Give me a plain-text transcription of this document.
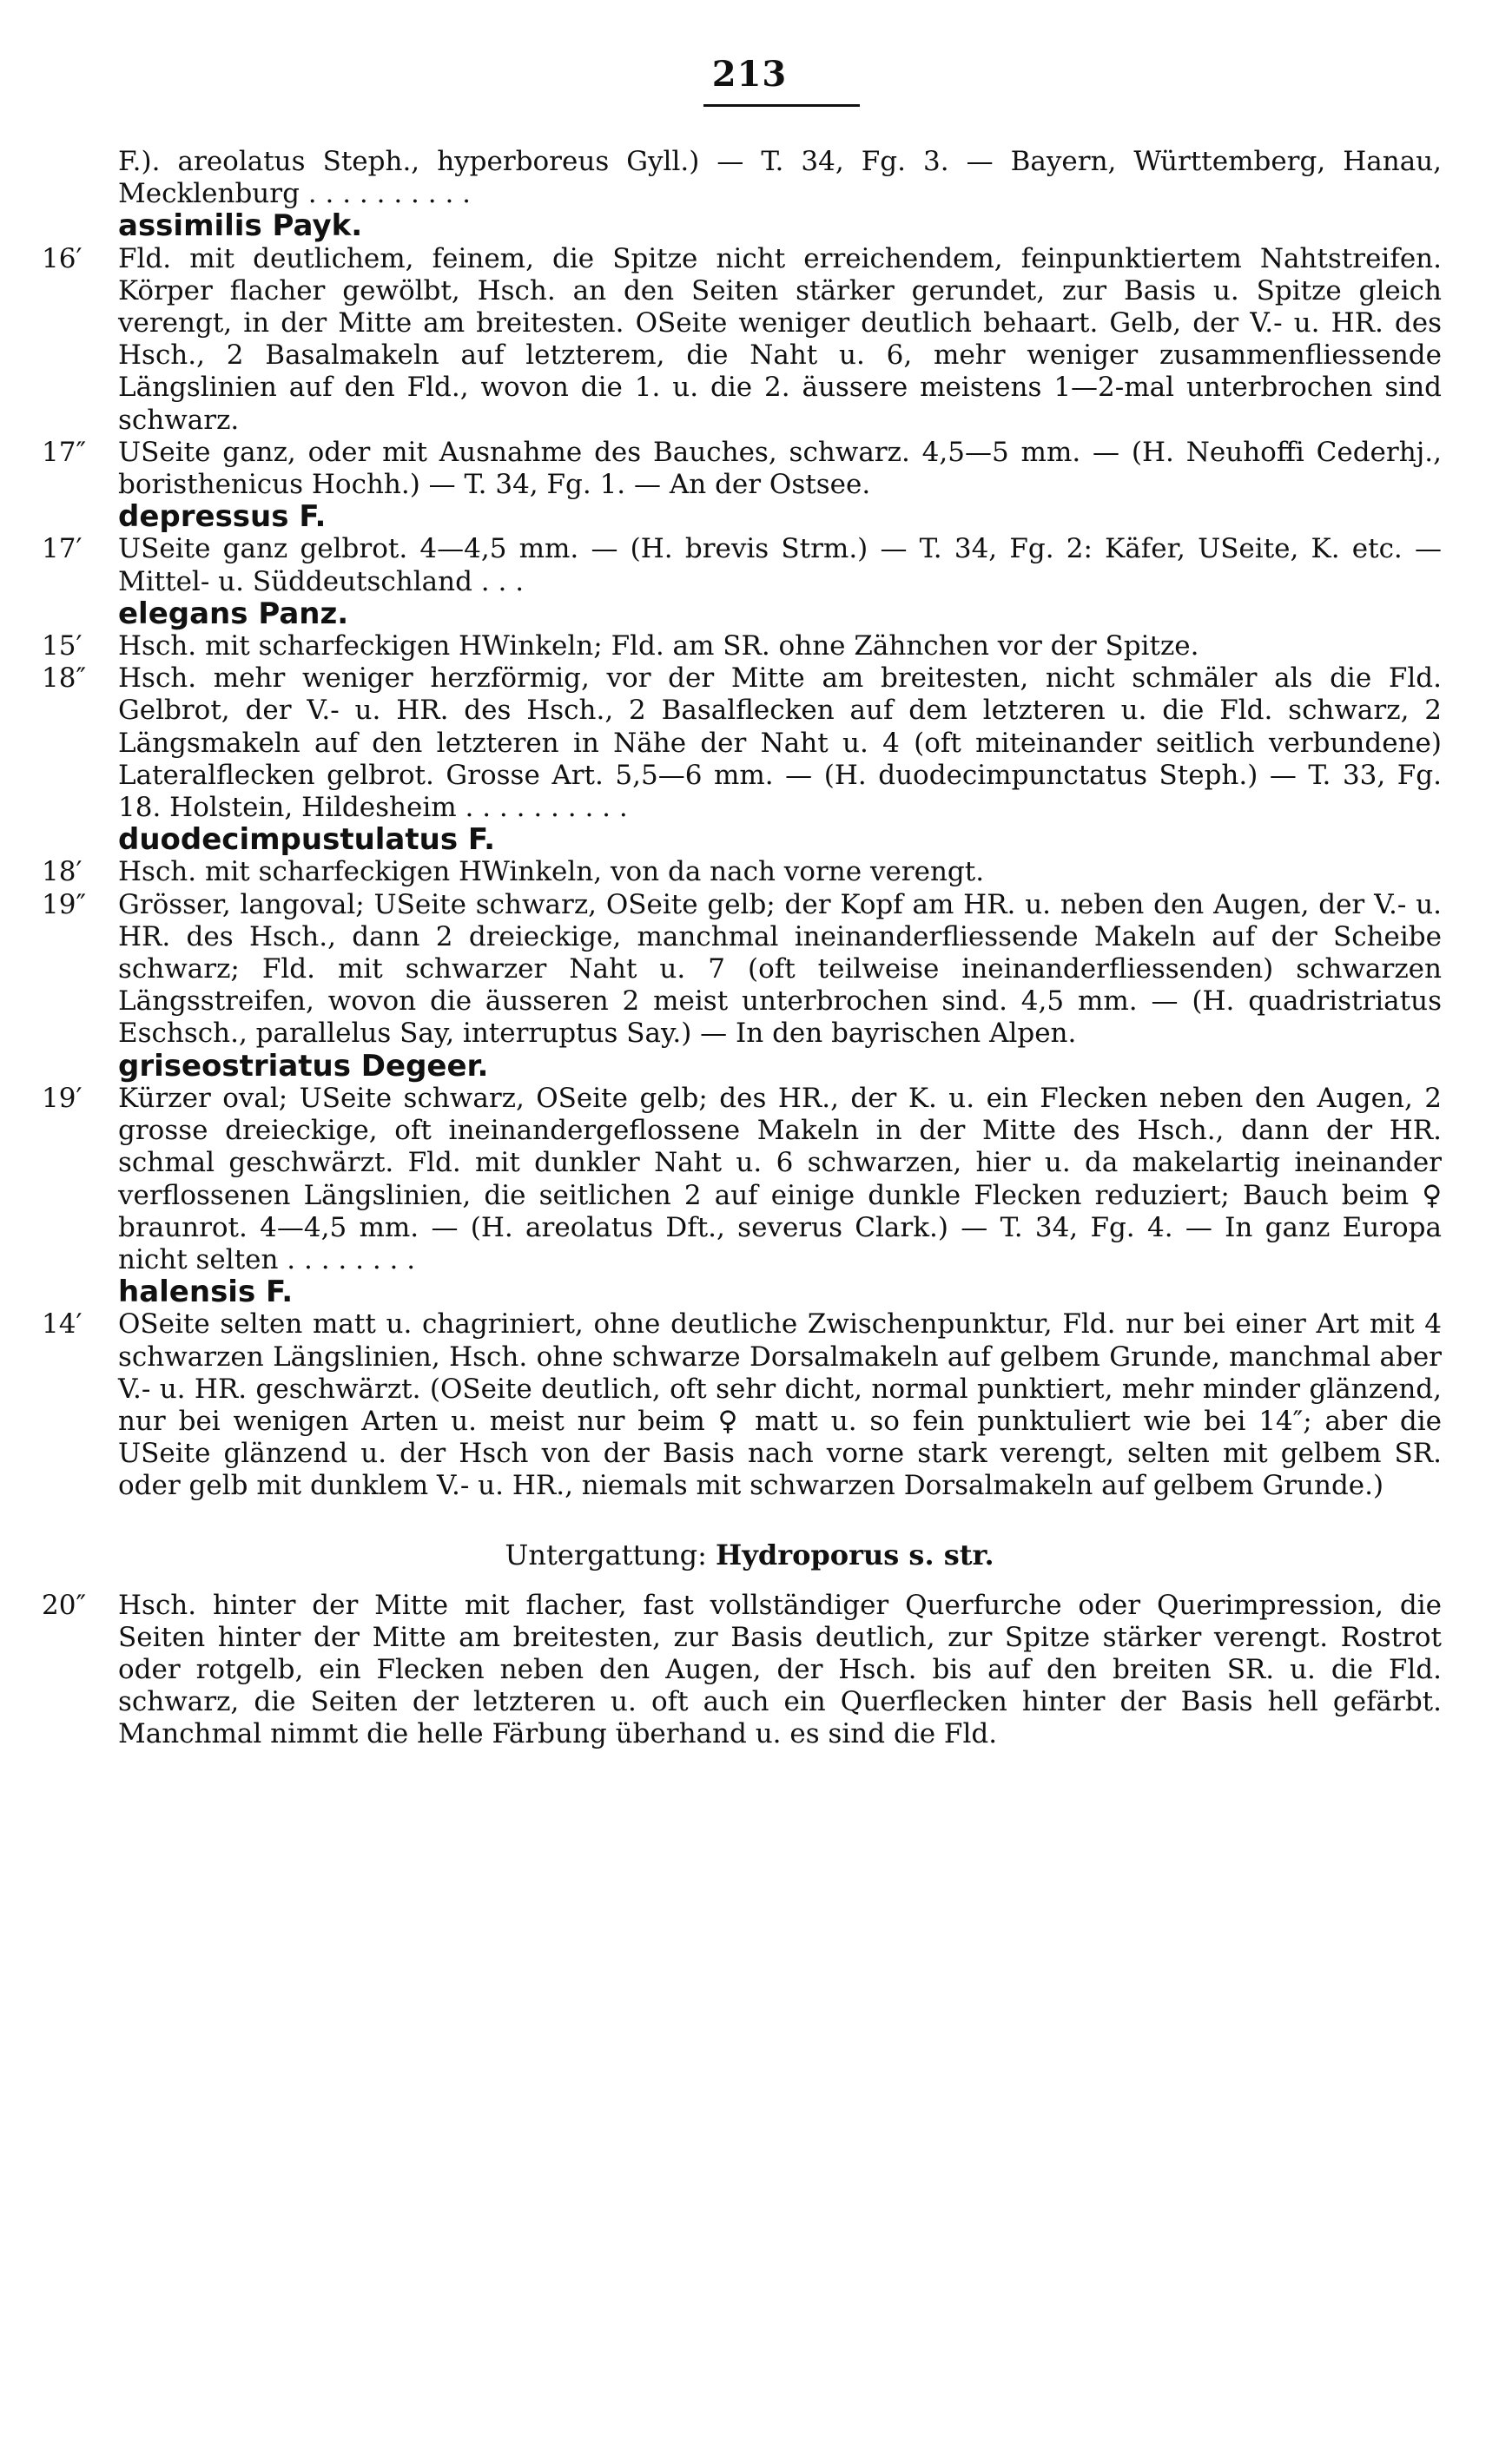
213
F.). areolatus Steph., hyperboreus Gyll.) — T. 34, Fg. 3. — Bayern, Württemberg, Hanau, Mecklenburg . . . . . . . . . .
assimilis Payk.
16′	Fld. mit deutlichem, feinem, die Spitze nicht erreichendem, feinpunktiertem Nahtstreifen. Körper flacher gewölbt, Hsch. an den Seiten stärker gerundet, zur Basis u. Spitze gleich verengt, in der Mitte am breitesten. OSeite weniger deutlich behaart. Gelb, der V.- u. HR. des Hsch., 2 Basalmakeln auf letzterem, die Naht u. 6, mehr weniger zusammenfliessende Längslinien auf den Fld., wovon die 1. u. die 2. äussere meistens 1—2-mal unterbrochen sind schwarz.
17″	USeite ganz, oder mit Ausnahme des Bauches, schwarz. 4,5—5 mm. — (H. Neuhoffi Cederhj., boristhenicus Hochh.) — T. 34, Fg. 1. — An der Ostsee.
depressus F.
17′	USeite ganz gelbrot. 4—4,5 mm. — (H. brevis Strm.) — T. 34, Fg. 2: Käfer, USeite, K. etc. — Mittel- u. Süddeutschland . . .
elegans Panz.
15′	Hsch. mit scharfeckigen HWinkeln; Fld. am SR. ohne Zähnchen vor der Spitze.
18″	Hsch. mehr weniger herzförmig, vor der Mitte am breitesten, nicht schmäler als die Fld. Gelbrot, der V.- u. HR. des Hsch., 2 Basalflecken auf dem letzteren u. die Fld. schwarz, 2 Längsmakeln auf den letzteren in Nähe der Naht u. 4 (oft miteinander seitlich verbundene) Lateralflecken gelbrot. Grosse Art. 5,5—6 mm. — (H. duodecimpunctatus Steph.) — T. 33, Fg. 18. Holstein, Hildesheim . . . . . . . . . .
duodecimpustulatus F.
18′	Hsch. mit scharfeckigen HWinkeln, von da nach vorne verengt.
19″	Grösser, langoval; USeite schwarz, OSeite gelb; der Kopf am HR. u. neben den Augen, der V.- u. HR. des Hsch., dann 2 dreieckige, manchmal ineinanderfliessende Makeln auf der Scheibe schwarz; Fld. mit schwarzer Naht u. 7 (oft teilweise ineinanderfliessenden) schwarzen Längsstreifen, wovon die äusseren 2 meist unterbrochen sind. 4,5 mm. — (H. quadristriatus Eschsch., parallelus Say, interruptus Say.) — In den bayrischen Alpen.
griseostriatus Degeer.
19′	Kürzer oval; USeite schwarz, OSeite gelb; des HR., der K. u. ein Flecken neben den Augen, 2 grosse dreieckige, oft ineinandergeflossene Makeln in der Mitte des Hsch., dann der HR. schmal geschwärzt. Fld. mit dunkler Naht u. 6 schwarzen, hier u. da makelartig ineinander verflossenen Längslinien, die seitlichen 2 auf einige dunkle Flecken reduziert; Bauch beim ♀ braunrot. 4—4,5 mm. — (H. areolatus Dft., severus Clark.) — T. 34, Fg. 4. — In ganz Europa nicht selten . . . . . . . .
halensis F.
14′	OSeite selten matt u. chagriniert, ohne deutliche Zwischenpunktur, Fld. nur bei einer Art mit 4 schwarzen Längslinien, Hsch. ohne schwarze Dorsalmakeln auf gelbem Grunde, manchmal aber V.- u. HR. geschwärzt. (OSeite deutlich, oft sehr dicht, normal punktiert, mehr minder glänzend, nur bei wenigen Arten u. meist nur beim ♀ matt u. so fein punktuliert wie bei 14″; aber die USeite glänzend u. der Hsch von der Basis nach vorne stark verengt, selten mit gelbem SR. oder gelb mit dunklem V.- u. HR., niemals mit schwarzen Dorsalmakeln auf gelbem Grunde.)
Untergattung: Hydroporus s. str.
20″	Hsch. hinter der Mitte mit flacher, fast vollständiger Querfurche oder Querimpression, die Seiten hinter der Mitte am breitesten, zur Basis deutlich, zur Spitze stärker verengt. Rostrot oder rotgelb, ein Flecken neben den Augen, der Hsch. bis auf den breiten SR. u. die Fld. schwarz, die Seiten der letzteren u. oft auch ein Querflecken hinter der Basis hell gefärbt. Manchmal nimmt die helle Färbung überhand u. es sind die Fld.
